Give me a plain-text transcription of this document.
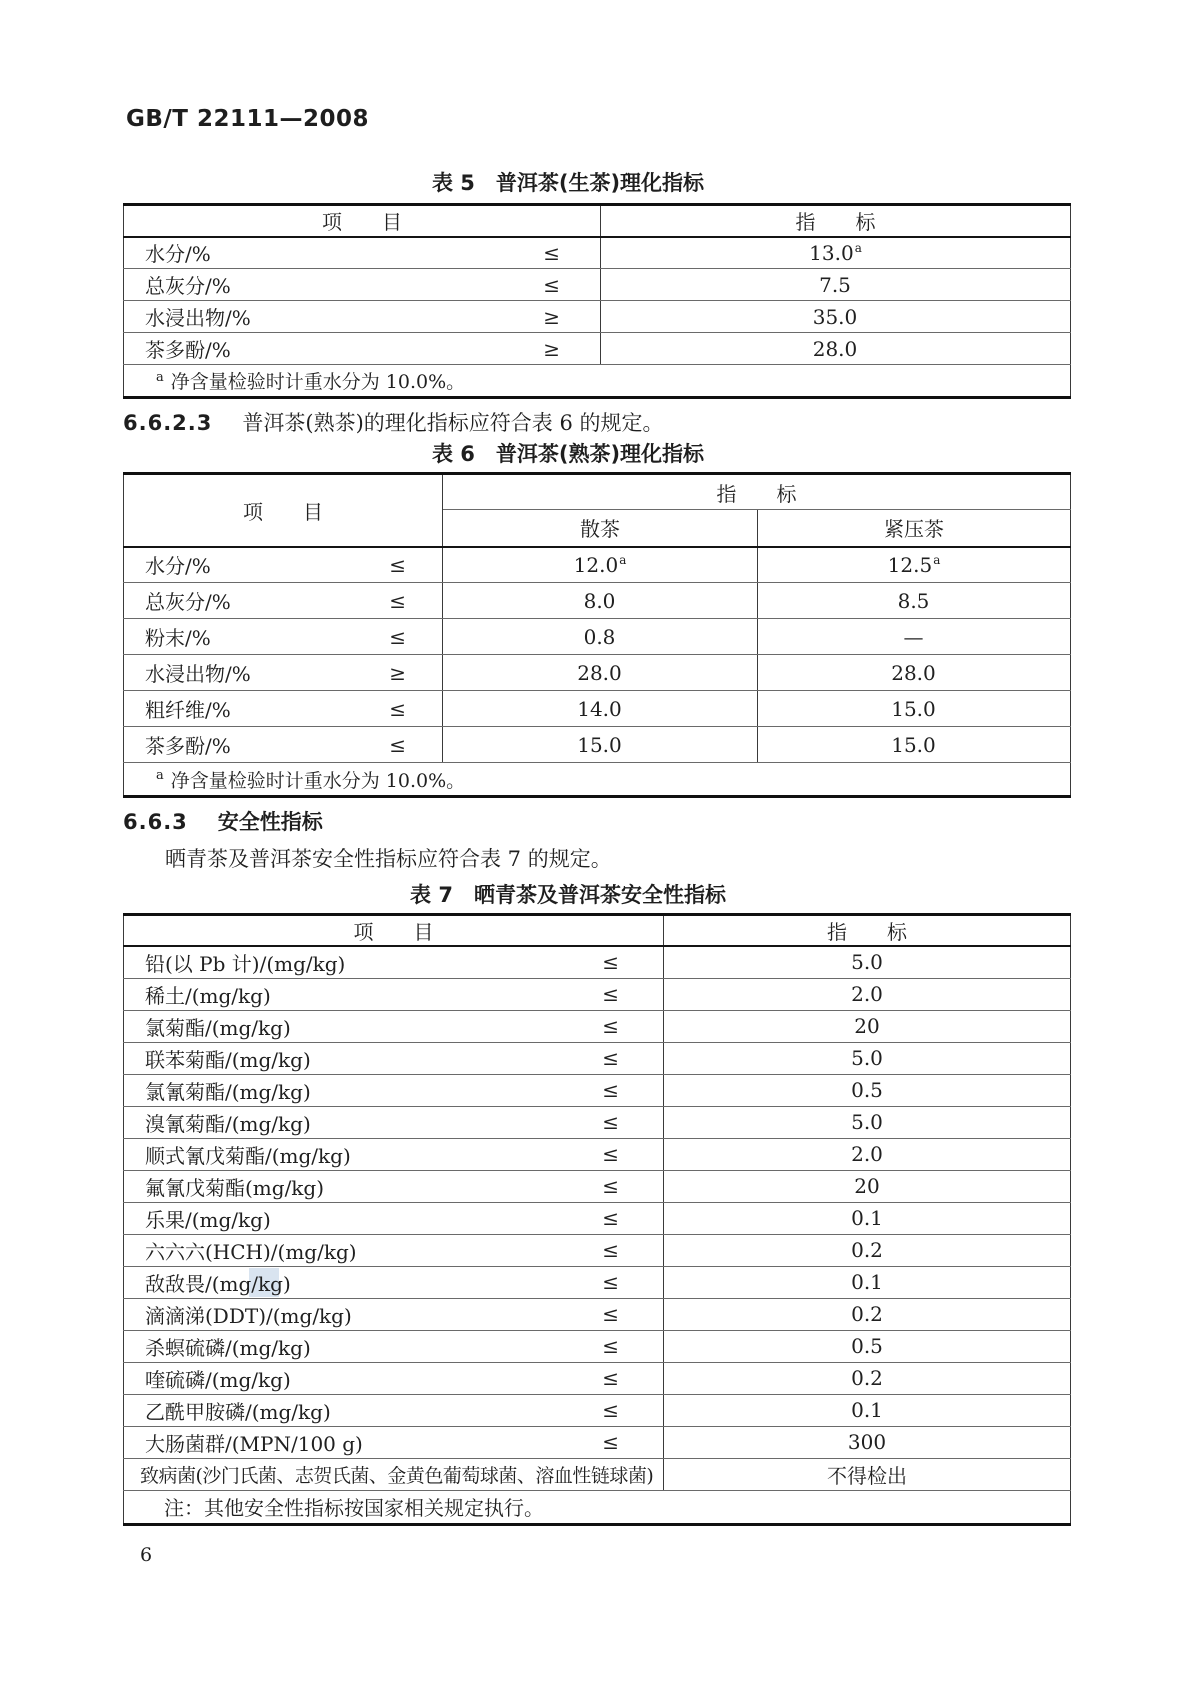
GB/T 22111—2008
表 5　普洱茶(生茶)理化指标
项　　目	指　　标

水分/% ≤	13.0$^a$

总灰分/% ≤	7.5

水浸出物/% ≥	35.0

茶多酚/% ≥	28.0
$^a$ 净含量检验时计重水分为 10.0%。	
6.6.2.3 普洱茶(熟茶)的理化指标应符合表 6 的规定。
表 6　普洱茶(熟茶)理化指标
项　　目	指　　标	
	散茶	紧压茶

水分/% ≤	12.0$^a$	12.5$^a$

总灰分/% ≤	8.0	8.5

粉末/% ≤	0.8	—

水浸出物/% ≥	28.0	28.0

粗纤维/% ≤	14.0	15.0

茶多酚/% ≤	15.0	15.0
$^a$ 净含量检验时计重水分为 10.0%。		
6.6.3 安全性指标
晒青茶及普洱茶安全性指标应符合表 7 的规定。
表 7　晒青茶及普洱茶安全性指标
项　　目	指　　标

铅(以 Pb 计)/(mg/kg) ≤	5.0

稀土/(mg/kg) ≤	2.0

氯菊酯/(mg/kg) ≤	20

联苯菊酯/(mg/kg) ≤	5.0

氯氰菊酯/(mg/kg) ≤	0.5

溴氰菊酯/(mg/kg) ≤	5.0

顺式氰戊菊酯/(mg/kg) ≤	2.0

氟氰戊菊酯(mg/kg) ≤	20

乐果/(mg/kg) ≤	0.1

六六六(HCH)/(mg/kg) ≤	0.2

敌敌畏/(mg/kg) ≤	0.1

滴滴涕(DDT)/(mg/kg) ≤	0.2

杀螟硫磷/(mg/kg) ≤	0.5

喹硫磷/(mg/kg) ≤	0.2

乙酰甲胺磷/(mg/kg) ≤	0.1

大肠菌群/(MPN/100 g) ≤	300

致病菌(沙门氏菌、志贺氏菌、金黄色葡萄球菌、溶血性链球菌)	不得检出
注：其他安全性指标按国家相关规定执行。	
6
